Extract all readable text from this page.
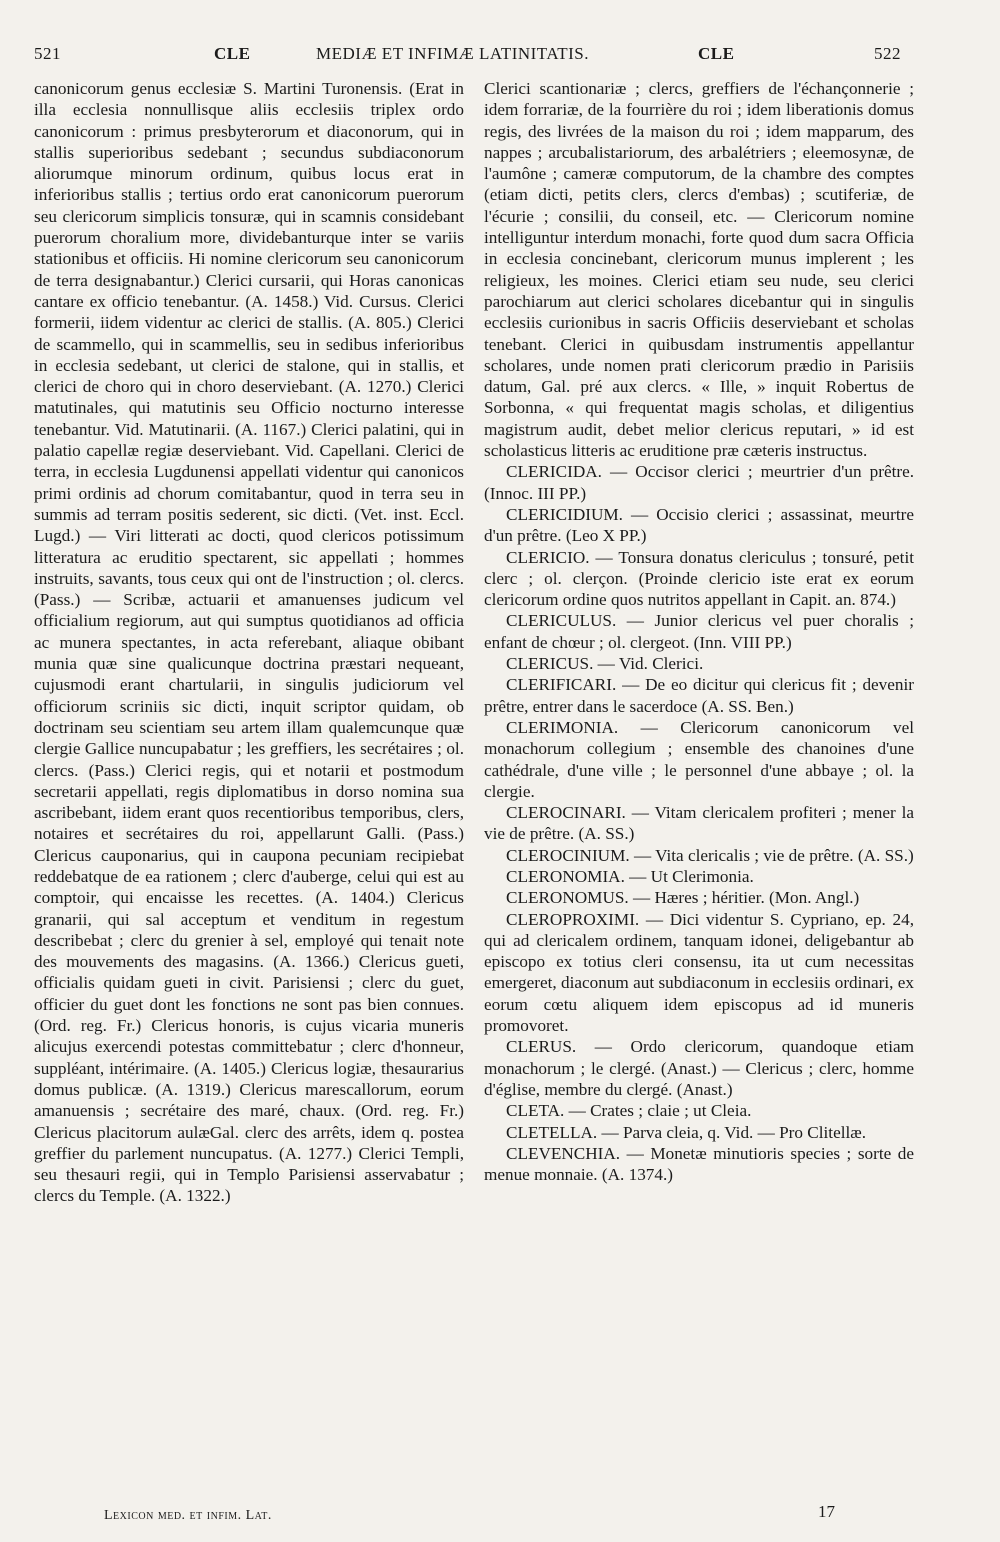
521	CLE	MEDIÆ ET INFIMÆ LATINITATIS.	CLE	522

canonicorum genus ecclesiæ S. Martini Turonensis. (Erat in illa ecclesia nonnullisque aliis ecclesiis triplex ordo canonicorum : primus presbyterorum et diaconorum, qui in stallis superioribus sedebant ; secundus subdiaconorum aliorumque minorum ordinum, quibus locus erat in inferioribus stallis ; tertius ordo erat canonicorum puerorum seu clericorum simplicis tonsuræ, qui in scamnis considebant puerorum choralium more, dividebanturque inter se variis stationibus et officiis. Hi nomine clericorum seu canonicorum de terra designabantur.) Clerici cursarii, qui Horas canonicas cantare ex officio tenebantur. (A. 1458.) Vid. Cursus. Clerici formerii, iidem videntur ac clerici de stallis. (A. 805.) Clerici de scammello, qui in scammellis, seu in sedibus inferioribus in ecclesia sedebant, ut clerici de stalone, qui in stallis, et clerici de choro qui in choro deserviebant. (A. 1270.) Clerici matutinales, qui matutinis seu Officio nocturno interesse tenebantur. Vid. Matutinarii. (A. 1167.) Clerici palatini, qui in palatio capellæ regiæ deserviebant. Vid. Capellani. Clerici de terra, in ecclesia Lugdunensi appellati videntur qui canonicos primi ordinis ad chorum comitabantur, quod in terra seu in summis ad terram positis sederent, sic dicti. (Vet. inst. Eccl. Lugd.) — Viri litterati ac docti, quod clericos potissimum litteratura ac eruditio spectarent, sic appellati ; hommes instruits, savants, tous ceux qui ont de l'instruction ; ol. clercs. (Pass.) — Scribæ, actuarii et amanuenses judicum vel officialium regiorum, aut qui sumptus quotidianos ad officia ac munera spectantes, in acta referebant, aliaque obibant munia quæ sine qualicunque doctrina præstari nequeant, cujusmodi erant chartularii, in singulis judiciorum vel officiorum scriniis sic dicti, inquit scriptor quidam, ob doctrinam seu scientiam seu artem illam qualemcunque quæ clergie Gallice nuncupabatur ; les greffiers, les secrétaires ; ol. clercs. (Pass.) Clerici regis, qui et notarii et postmodum secretarii appellati, regis diplomatibus in dorso nomina sua ascribebant, iidem erant quos recentioribus temporibus, clers, notaires et secrétaires du roi, appellarunt Galli. (Pass.) Clericus cauponarius, qui in caupona pecuniam recipiebat reddebatque de ea rationem ; clerc d'auberge, celui qui est au comptoir, qui encaisse les recettes. (A. 1404.) Clericus granarii, qui sal acceptum et venditum in regestum describebat ; clerc du grenier à sel, employé qui tenait note des mouvements des magasins. (A. 1366.) Clericus gueti, officialis quidam gueti in civit. Parisiensi ; clerc du guet, officier du guet dont les fonctions ne sont pas bien connues. (Ord. reg. Fr.) Clericus honoris, is cujus vicaria muneris alicujus exercendi potestas committebatur ; clerc d'honneur, suppléant, intérimaire. (A. 1405.) Clericus logiæ, thesaurarius domus publicæ. (A. 1319.) Clericus marescallorum, eorum amanuensis ; secrétaire des maré, chaux. (Ord. reg. Fr.) Clericus placitorum aulæGal. clerc des arrêts, idem q. postea greffier du parlement nuncupatus. (A. 1277.) Clerici Templi, seu thesauri regii, qui in Templo Parisiensi asservabatur ; clercs du Temple. (A. 1322.)

Clerici scantionariæ ; clercs, greffiers de l'échançonnerie ; idem forrariæ, de la fourrière du roi ; idem liberationis domus regis, des livrées de la maison du roi ; idem mapparum, des nappes ; arcubalistariorum, des arbalétriers ; eleemosynæ, de l'aumône ; cameræ computorum, de la chambre des comptes (etiam dicti, petits clers, clercs d'embas) ; scutiferiæ, de l'écurie ; consilii, du conseil, etc. — Clericorum nomine intelliguntur interdum monachi, forte quod dum sacra Officia in ecclesia concinebant, clericorum munus implerent ; les religieux, les moines. Clerici etiam seu nude, seu clerici parochiarum aut clerici scholares dicebantur qui in singulis ecclesiis curionibus in sacris Officiis deserviebant et scholas tenebant. Clerici in quibusdam instrumentis appellantur scholares, unde nomen prati clericorum prædio in Parisiis datum, Gal. pré aux clercs. « Ille, » inquit Robertus de Sorbonna, « qui frequentat magis scholas, et diligentius magistrum audit, debet melior clericus reputari, » id est scholasticus litteris ac eruditione præ cæteris instructus.

CLERICIDA. — Occisor clerici ; meurtrier d'un prêtre. (Innoc. III PP.)

CLERICIDIUM. — Occisio clerici ; assassinat, meurtre d'un prêtre. (Leo X PP.)

CLERICIO. — Tonsura donatus clericulus ; tonsuré, petit clerc ; ol. clerçon. (Proinde clericio iste erat ex eorum clericorum ordine quos nutritos appellant in Capit. an. 874.)

CLERICULUS. — Junior clericus vel puer choralis ; enfant de chœur ; ol. clergeot. (Inn. VIII PP.)

CLERICUS. — Vid. Clerici.

CLERIFICARI. — De eo dicitur qui clericus fit ; devenir prêtre, entrer dans le sacerdoce (A. SS. Ben.)

CLERIMONIA. — Clericorum canonicorum vel monachorum collegium ; ensemble des chanoines d'une cathédrale, d'une ville ; le personnel d'une abbaye ; ol. la clergie.

CLEROCINARI. — Vitam clericalem profiteri ; mener la vie de prêtre. (A. SS.)

CLEROCINIUM. — Vita clericalis ; vie de prêtre. (A. SS.)

CLERONOMIA. — Ut Clerimonia.

CLERONOMUS. — Hæres ; héritier. (Mon. Angl.)

CLEROPROXIMI. — Dici videntur S. Cypriano, ep. 24, qui ad clericalem ordinem, tanquam idonei, deligebantur ab episcopo ex totius cleri consensu, ita ut cum necessitas emergeret, diaconum aut subdiaconum in ecclesiis ordinari, ex eorum cœtu aliquem idem episcopus ad id muneris promovoret.

CLERUS. — Ordo clericorum, quandoque etiam monachorum ; le clergé. (Anast.) — Clericus ; clerc, homme d'église, membre du clergé. (Anast.)

CLETA. — Crates ; claie ; ut Cleia.

CLETELLA. — Parva cleia, q. Vid. — Pro Clitellæ.

CLEVENCHIA. — Monetæ minutioris species ; sorte de menue monnaie. (A. 1374.)

Lexicon med. et infim. Lat.	17
